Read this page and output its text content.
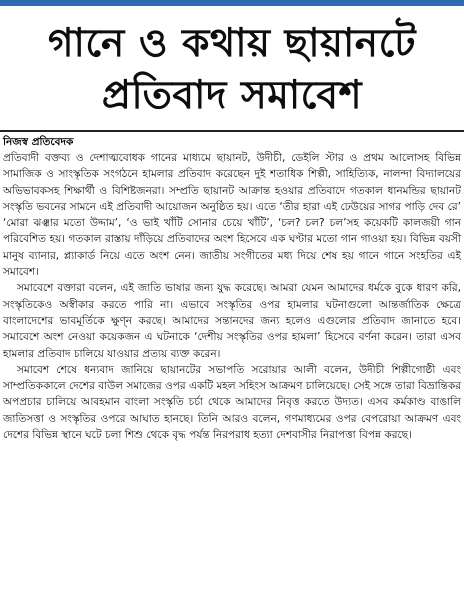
গানে ও কথায় ছায়ানটে
প্রতিবাদ সমাবেশ
নিজস্ব প্রতিবেদক

প্রতিবাদী বক্তব্য ও দেশাত্মবোধক গানের মাধ্যমে ছায়ানট, উদীচী, ডেইলি স্টার ও প্রথম আলোসহ বিভিন্ন সামাজিক ও সাংস্কৃতিক সংগঠনে হামলার প্রতিবাদ করেছেন দুই শতাধিক শিল্পী, সাহিত্যিক, নালন্দা বিদ্যালয়ের অভিভাবকসহ শিক্ষার্থী ও বিশিষ্টজনরা। সম্প্রতি ছায়ানট আক্রান্ত হওয়ার প্রতিবাদে গতকাল ধানমন্ডির ছায়ানট সংস্কৃতি ভবনের সামনে এই প্রতিবাদী আয়োজন অনুষ্ঠিত হয়। এতে ‘তীর হারা এই ঢেউয়ের সাগর পাড়ি দেব রে’ ‘মোরা ঝঞ্ঝার মতো উদ্দাম’, ‘ও ভাই খাঁটি সোনার চেয়ে খাঁটি’, ‘চল? চল? চল’সহ কয়েকটি কালজয়ী গান পরিবেশিত হয়। গতকাল রাস্তায় দাঁড়িয়ে প্রতিবাদের অংশ হিসেবে এক ঘণ্টার মতো গান গাওয়া হয়। বিভিন্ন বয়সী মানুষ ব্যানার, প্ল্যাকার্ড নিয়ে এতে অংশ নেন। জাতীয় সংগীতের মধ্য দিয়ে শেষ হয় গানে গানে সংহতির এই সমাবেশ।

সমাবেশে বক্তারা বলেন, এই জাতি ভাষার জন্য যুদ্ধ করেছে। আমরা যেমন আমাদের ধর্মকে বুকে ধারণ করি, সংস্কৃতিকেও অস্বীকার করতে পারি না। এভাবে সংস্কৃতির ওপর হামলার ঘটনাগুলো আন্তর্জাতিক ক্ষেত্রে বাংলাদেশের ভাবমূর্তিকে ক্ষুণ্ন করছে। আমাদের সন্তানদের জন্য হলেও এগুলোর প্রতিবাদ জানাতে হবে।সমাবেশে অংশ নেওয়া কয়েকজন এ ঘটনাকে ‘দেশীয় সংস্কৃতির ওপর হামলা’ হিসেবে বর্ণনা করেন। তারা এসব হামলার প্রতিবাদ চালিয়ে যাওয়ার প্রত্যয় ব্যক্ত করেন।

সমাবেশ শেষে ধন্যবাদ জানিয়ে ছায়ানটের সভাপতি সরোয়ার আলী বলেন, উদীচী শিল্পীগোষ্ঠী এবং সাম্প্রতিককালে দেশের বাউল সমাজের ওপর একটি মহল সহিংস আক্রমণ চালিয়েছে। সেই সঙ্গে তারা বিভ্রান্তিকর অপপ্রচার চালিয়ে আবহমান বাংলা সংস্কৃতি চর্চা থেকে আমাদের নিবৃত্ত করতে উদ্যত। এসব কর্মকাণ্ড বাঙালি জাতিসত্তা ও সংস্কৃতির ওপরে আঘাত হানছে। তিনি আরও বলেন, গণমাধ্যমের ওপর বেপরোয়া আক্রমণ এবং দেশের বিভিন্ন স্থানে ঘটে চলা শিশু থেকে বৃদ্ধ পর্যন্ত নিরপরাধ হত্যা দেশবাসীর নিরাপত্তা বিপন্ন করছে।
